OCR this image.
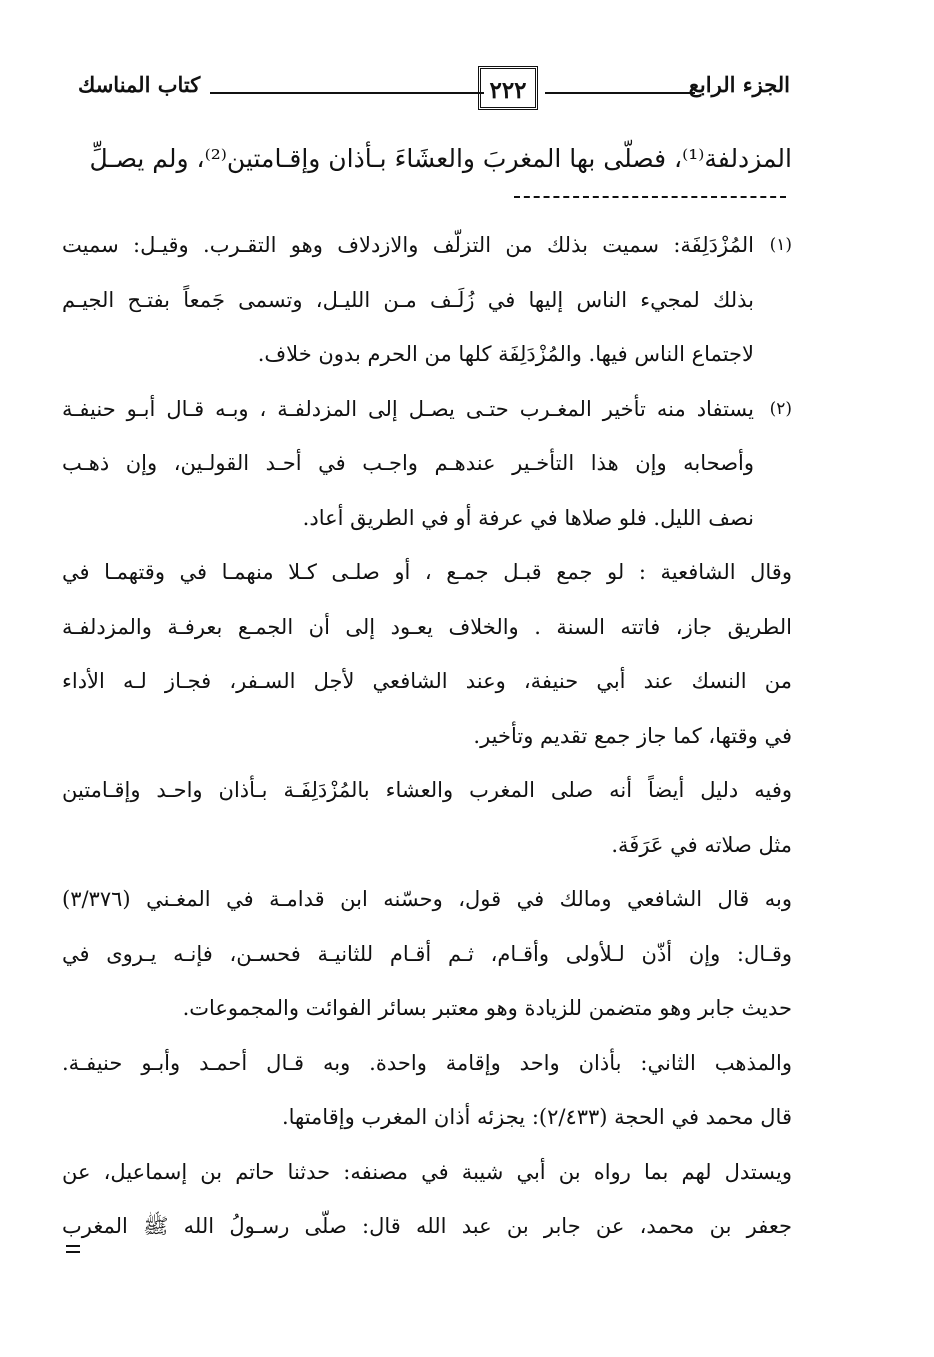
كتاب المناسك	٢٢٢	الجزء الرابع
المزدلفة⁽¹⁾، فصلّى بها المغربَ والعشَاءَ بـأذان وإقـامتين⁽²⁾، ولم يصـلِّ
(١)
المُزْدَلِفَة: سميت بذلك من التزلّف والازدلاف وهو التقـرب. وقيـل: سميت
بذلك لمجيء الناس إليها في زُلَـف مـن الليـل، وتسمى جَمعاً بفتـح الجيـم
لاجتماع الناس فيها. والمُزْدَلِفَة كلها من الحرم بدون خلاف.
(٢)
يستفاد منه تأخير المغـرب حتـى يصـل إلى المزدلفـة ، وبـه قـال أبـو حنيفـة
وأصحابه وإن هذا التأخـير عندهـم واجـب في أحـد القولـين، وإن ذهـب
نصف الليل. فلو صلاها في عرفة أو في الطريق أعاد.
وقال الشافعية : لو جمع قبـل جمـع ، أو صلـى كـلا منهمـا في وقتهمـا في
الطريق جاز، فاتته السنة . والخلاف يعـود إلى أن الجمـع بعرفـة والمزدلفـة
من النسك عند أبي حنيفة، وعند الشافعي لأجل السـفر، فجـاز لـه الأداء
في وقتها، كما جاز جمع تقديم وتأخير.
وفيه دليل أيضاً أنه صلى المغرب والعشاء بالمُزْدَلِفَـة بـأذان واحـد وإقـامتين
مثل صلاته في عَرَفَة.
وبه قال الشافعي ومالك في قول، وحسّنه ابن قدامـة في المغـني (٣/٣٧٦)
وقـال: وإن أذّن لـلأولى وأقـام، ثـم أقـام للثانيـة فحسـن، فإنـه يـروى في
حديث جابر وهو متضمن للزيادة وهو معتبر بسائر الفوائت والمجموعات.
والمذهب الثاني: بأذان واحد وإقامة واحدة. وبه قـال أحمـد وأبـو حنيفـة.
قال محمد في الحجة (٢/٤٣٣): يجزئه أذان المغرب وإقامتها.
ويستدل لهم بما رواه بن أبي شيبة في مصنفه: حدثنا حاتم بن إسماعيل، عن
جعفر بن محمد، عن جابر بن عبد الله قال: صلّى رسـولُ الله ﷺ المغرب
